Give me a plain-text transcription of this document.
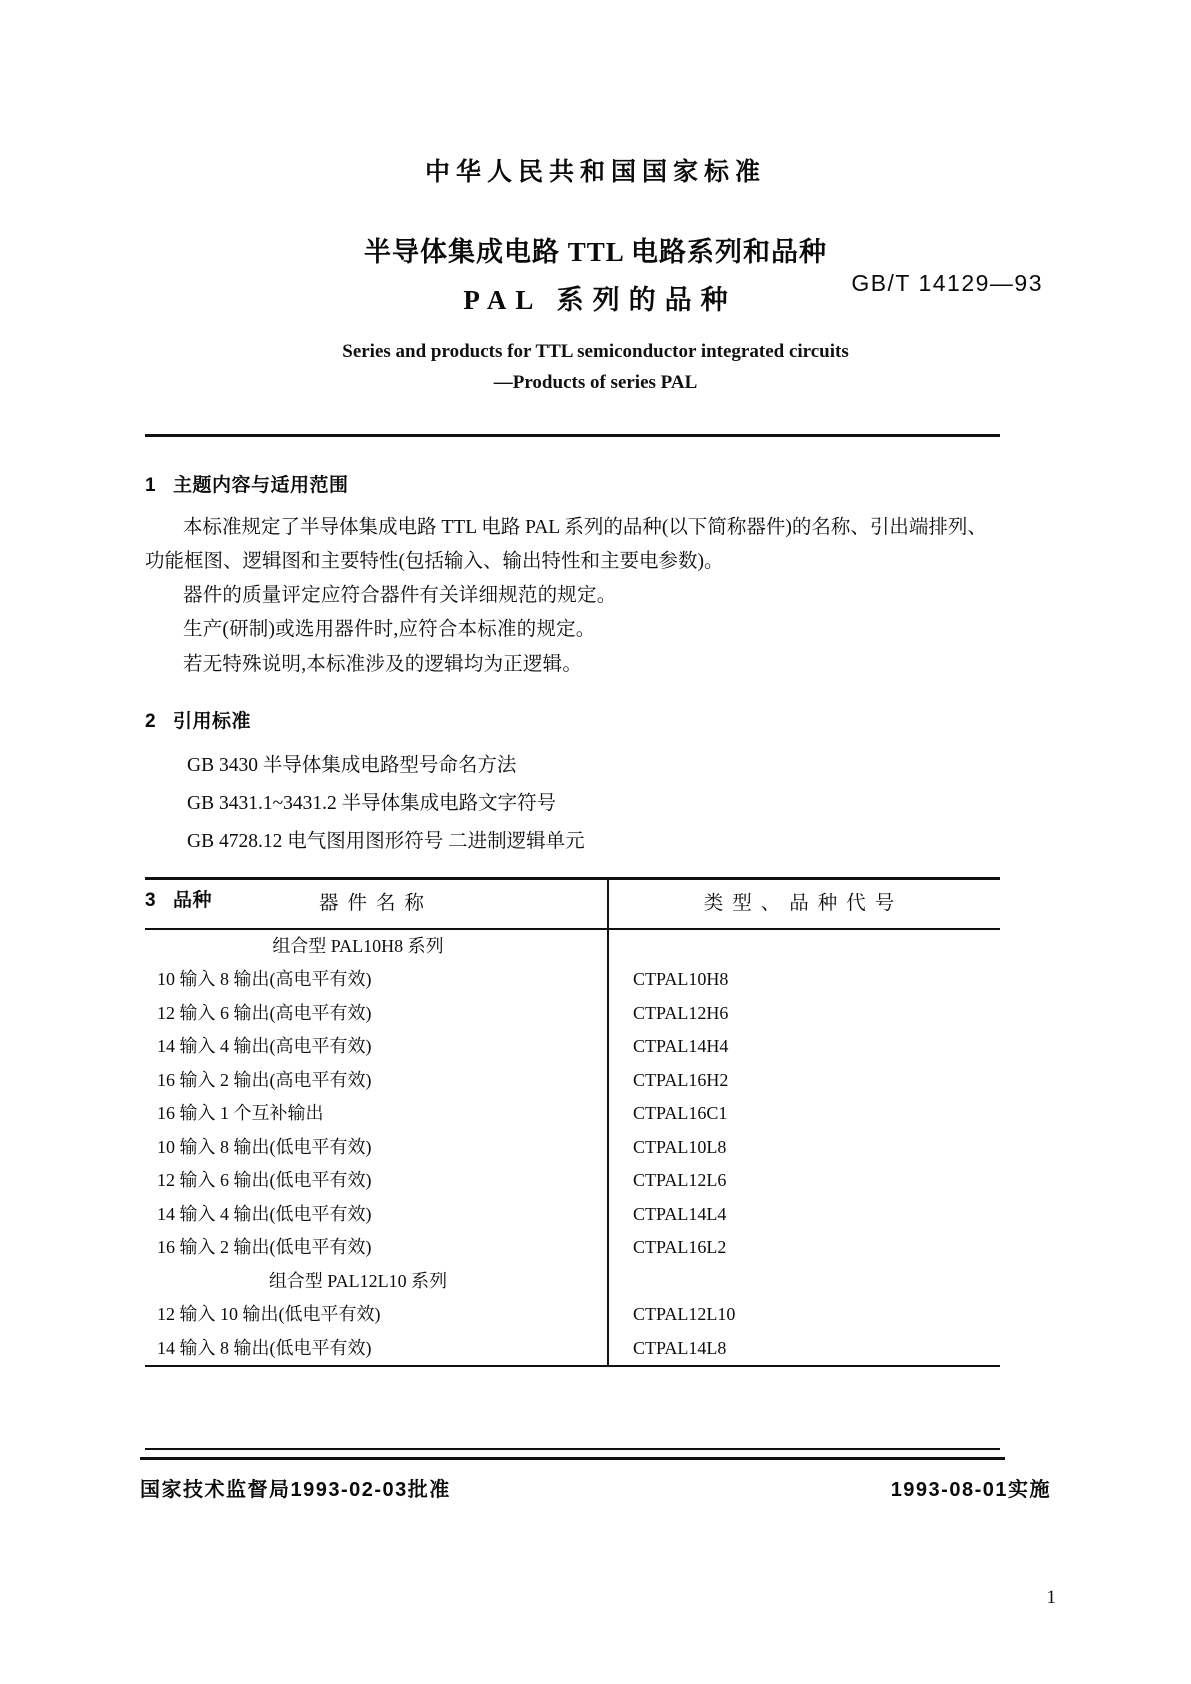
中华人民共和国国家标准
半导体集成电路 TTL 电路系列和品种
PAL 系列的品种
GB/T 14129—93
Series and products for TTL semiconductor integrated circuits
—Products of series PAL
1 主题内容与适用范围

本标准规定了半导体集成电路 TTL 电路 PAL 系列的品种(以下简称器件)的名称、引出端排列、功能框图、逻辑图和主要特性(包括输入、输出特性和主要电参数)。

器件的质量评定应符合器件有关详细规范的规定。

生产(研制)或选用器件时,应符合本标准的规定。

若无特殊说明,本标准涉及的逻辑均为正逻辑。

2 引用标准
GB 3430 半导体集成电路型号命名方法
GB 3431.1~3431.2 半导体集成电路文字符号
GB 4728.12 电气图用图形符号 二进制逻辑单元
3 品种	器件名称	类型、品种代号
组合型 PAL10H8 系列
10 输入 8 输出(高电平有效)	CTPAL10H8
12 输入 6 输出(高电平有效)	CTPAL12H6
14 输入 4 输出(高电平有效)	CTPAL14H4
16 输入 2 输出(高电平有效)	CTPAL16H2
16 输入 1 个互补输出	CTPAL16C1
10 输入 8 输出(低电平有效)	CTPAL10L8
12 输入 6 输出(低电平有效)	CTPAL12L6
14 输入 4 输出(低电平有效)	CTPAL14L4
16 输入 2 输出(低电平有效)	CTPAL16L2
组合型 PAL12L10 系列
12 输入 10 输出(低电平有效)	CTPAL12L10
14 输入 8 输出(低电平有效)	CTPAL14L8
国家技术监督局1993-02-03批准	1993-08-01实施
1
